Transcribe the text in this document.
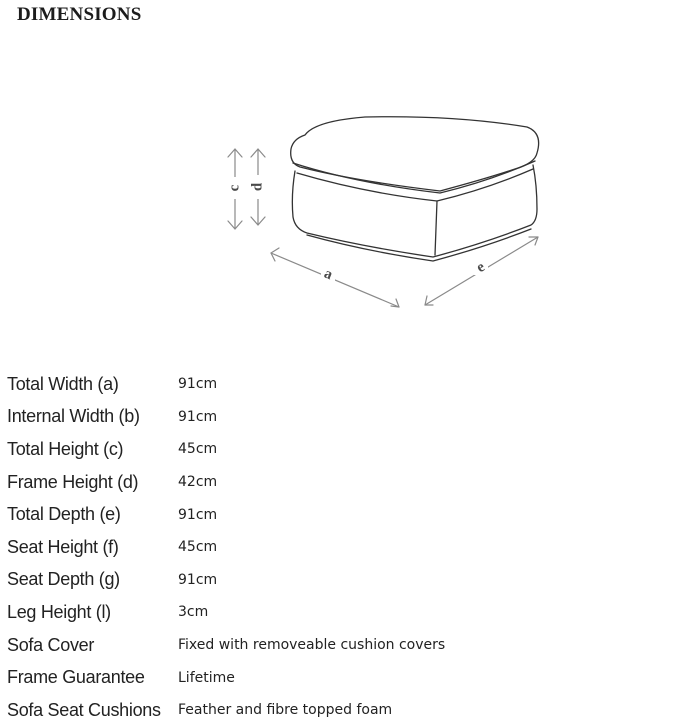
DIMENSIONS
c d
a	e
Total Width (a)	91cm
Internal Width (b)	91cm
Total Height (c)	45cm
Frame Height (d)	42cm
Total Depth (e)	91cm
Seat Height (f)	45cm
Seat Depth (g)	91cm
Leg Height (l)	3cm
Sofa Cover	Fixed with removeable cushion covers
Frame Guarantee	Lifetime
Sofa Seat Cushions	Feather and fibre topped foam
